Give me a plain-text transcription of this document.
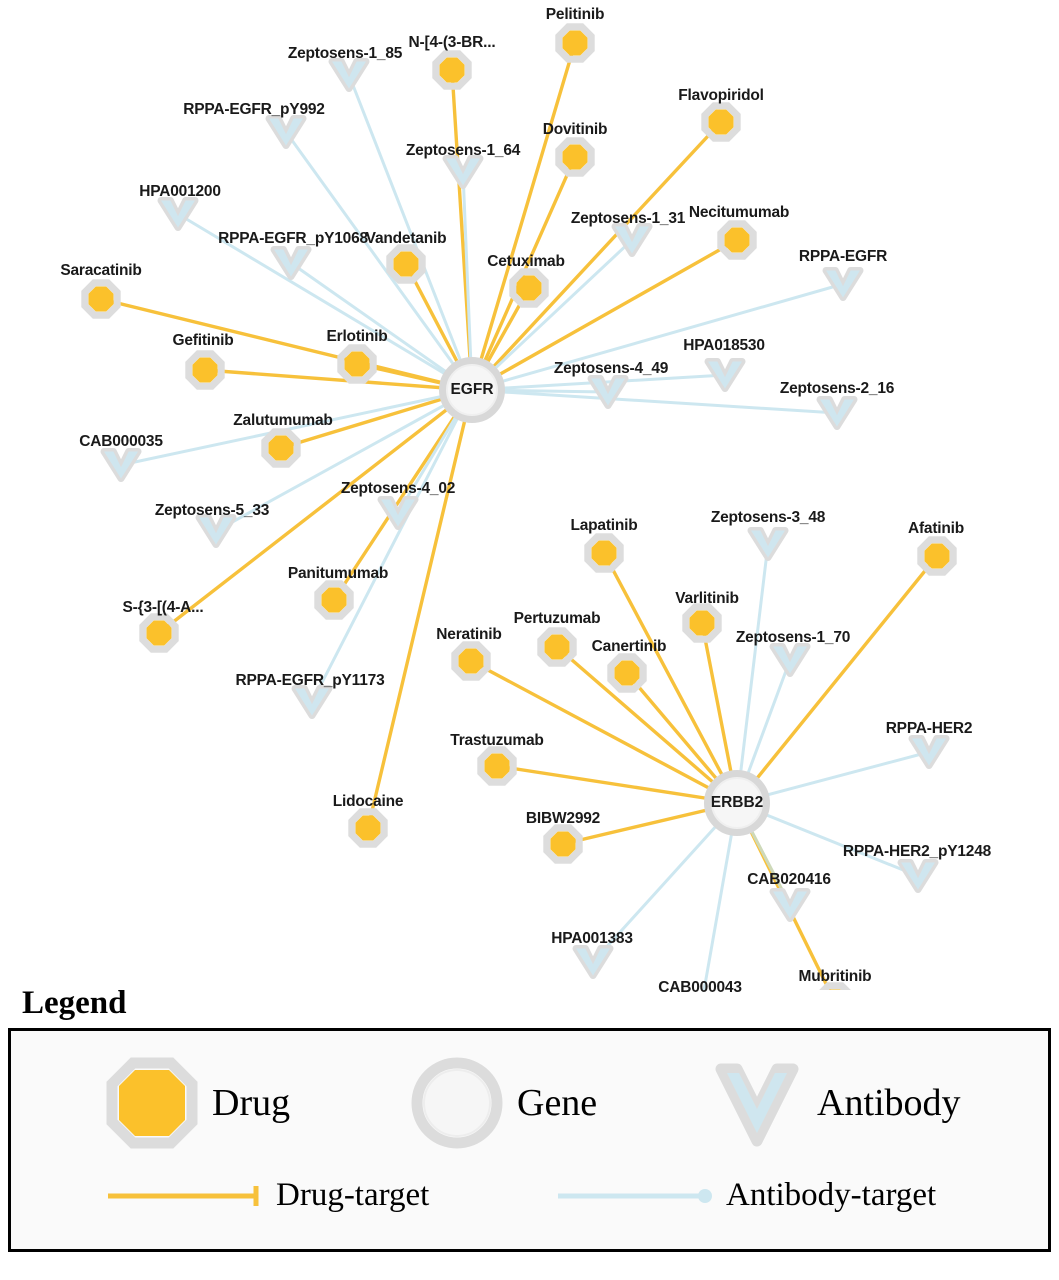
Pelitinib
N-[4-(3-BR...
Flavopiridol
Dovitinib
Necitumumab
Vandetanib
Cetuximab
Saracatinib
Erlotinib
Gefitinib
Zalutumumab
Afatinib
Lapatinib
Varlitinib
Panitumumab
S-{3-[(4-A...
Pertuzumab
Neratinib
Canertinib
Trastuzumab
Lidocaine
BIBW2992
Mubritinib
Zeptosens-1_85
RPPA-EGFR_pY992
Zeptosens-1_64
HPA001200
Zeptosens-1_31
RPPA-EGFR_pY1068
RPPA-EGFR
HPA018530
Zeptosens-4_49
Zeptosens-2_16
CAB000035
Zeptosens-5_33
Zeptosens-4_02
Zeptosens-3_48
Zeptosens-1_70
RPPA-EGFR_pY1173
RPPA-HER2
RPPA-HER2_pY1248
CAB020416
HPA001383
CAB000043
EGFR
ERBB2
Legend
Drug	Gene	Antibody
Drug-target	Antibody-target
